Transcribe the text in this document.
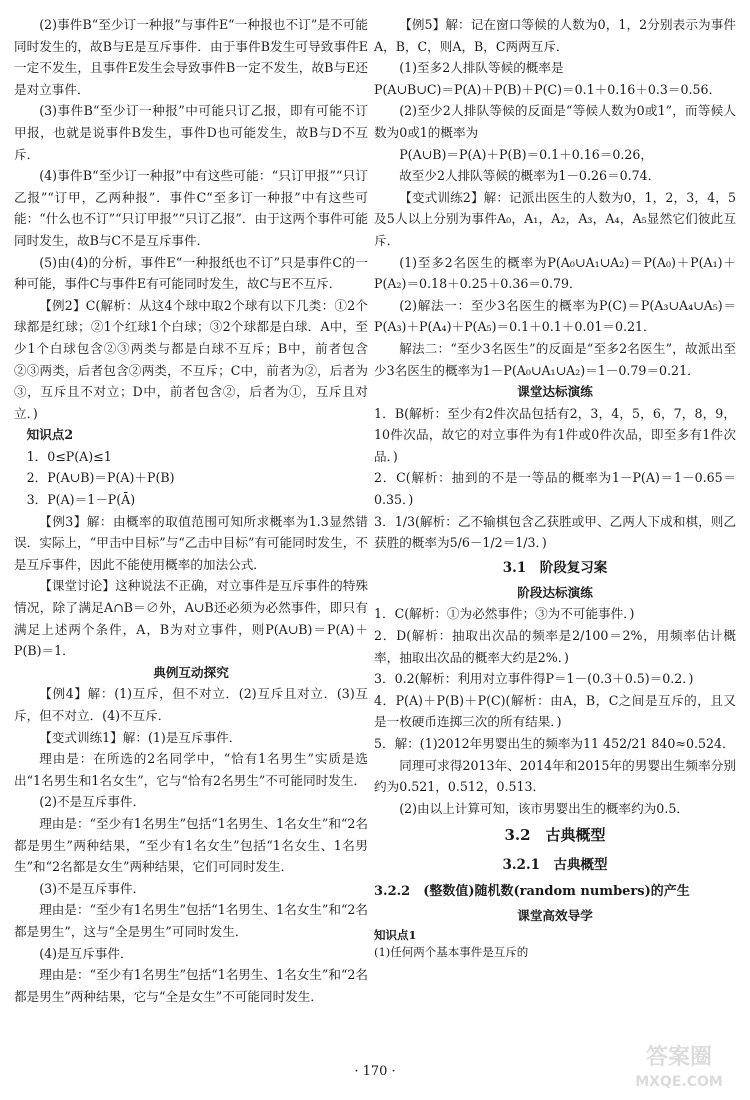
(2)事件B“至少订一种报”与事件E“一种报也不订”是不可能同时发生的，故B与E是互斥事件．由于事件B发生可导致事件E一定不发生，且事件E发生会导致事件B一定不发生，故B与E还是对立事件．

(3)事件B“至少订一种报”中可能只订乙报，即有可能不订甲报，也就是说事件B发生，事件D也可能发生，故B与D不互斥．

(4)事件B“至少订一种报”中有这些可能：“只订甲报”“只订乙报”“订甲，乙两种报”．事件C“至多订一种报”中有这些可能：“什么也不订”“只订甲报”“只订乙报”．由于这两个事件可能同时发生，故B与C不是互斥事件．

(5)由(4)的分析，事件E“一种报纸也不订”只是事件C的一种可能，事件C与事件E有可能同时发生，故C与E不互斥．

【例2】C(解析：从这4个球中取2个球有以下几类：①2个球都是红球；②1个红球1个白球；③2个球都是白球．A中，至少1个白球包含②③两类与都是白球不互斥；B中，前者包含②③两类，后者包含②两类，不互斥；C中，前者为②，后者为③，互斥且不对立；D中，前者包含②，后者为①，互斥且对立．)

知识点2

1．0≤P(A)≤1

2．P(A∪B)＝P(A)＋P(B)

3．P(A)＝1－P(Ā)

【例3】解：由概率的取值范围可知所求概率为1.3显然错误．实际上，“甲击中目标”与“乙击中目标”有可能同时发生，不是互斥事件，因此不能使用概率的加法公式．

【课堂讨论】这种说法不正确，对立事件是互斥事件的特殊情况，除了满足A∩B＝∅外，A∪B还必须为必然事件，即只有满足上述两个条件，A，B为对立事件，则P(A∪B)＝P(A)＋P(B)＝1．

典例互动探究

【例4】解：(1)互斥，但不对立．(2)互斥且对立．(3)互斥，但不对立．(4)不互斥．

【变式训练1】解：(1)是互斥事件．

理由是：在所选的2名同学中，“恰有1名男生”实质是选出“1名男生和1名女生”，它与“恰有2名男生”不可能同时发生．

(2)不是互斥事件．

理由是：“至少有1名男生”包括“1名男生、1名女生”和“2名都是男生”两种结果，“至少有1名女生”包括“1名女生、1名男生”和“2名都是女生”两种结果，它们可同时发生．

(3)不是互斥事件．

理由是：“至少有1名男生”包括“1名男生、1名女生”和“2名都是男生”，这与“全是男生”可同时发生．

(4)是互斥事件．

理由是：“至少有1名男生”包括“1名男生、1名女生”和“2名都是男生”两种结果，它与“全是女生”不可能同时发生．

【例5】解：记在窗口等候的人数为0，1，2分别表示为事件A，B，C，则A，B，C两两互斥．

(1)至多2人排队等候的概率是

P(A∪B∪C)＝P(A)＋P(B)＋P(C)＝0.1＋0.16＋0.3＝0.56．

(2)至少2人排队等候的反面是“等候人数为0或1”，而等候人数为0或1的概率为

P(A∪B)＝P(A)＋P(B)＝0.1＋0.16＝0.26，

故至少2人排队等候的概率为1－0.26＝0.74．

【变式训练2】解：记派出医生的人数为0，1，2，3，4，5及5人以上分别为事件A₀，A₁，A₂，A₃，A₄，A₅显然它们彼此互斥．

(1)至多2名医生的概率为P(A₀∪A₁∪A₂)＝P(A₀)＋P(A₁)＋P(A₂)＝0.18＋0.25＋0.36＝0.79．

(2)解法一：至少3名医生的概率为P(C)＝P(A₃∪A₄∪A₅)＝P(A₃)＋P(A₄)＋P(A₅)＝0.1＋0.1＋0.01＝0.21．

解法二：“至少3名医生”的反面是“至多2名医生”，故派出至少3名医生的概率为1－P(A₀∪A₁∪A₂)＝1－0.79＝0.21．

课堂达标演练

1．B(解析：至少有2件次品包括有2，3，4，5，6，7，8，9，10件次品，故它的对立事件为有1件或0件次品，即至多有1件次品．)

2．C(解析：抽到的不是一等品的概率为1－P(A)＝1－0.65＝0.35．)

3．1/3(解析：乙不输棋包含乙获胜或甲、乙两人下成和棋，则乙获胜的概率为5/6－1/2＝1/3．)

3.1　阶段复习案

阶段达标演练

1．C(解析：①为必然事件；③为不可能事件．)

2．D(解析：抽取出次品的频率是2/100＝2%，用频率估计概率，抽取出次品的概率大约是2%．)

3．0.2(解析：利用对立事件得P＝1－(0.3＋0.5)＝0.2．)

4．P(A)＋P(B)＋P(C)(解析：由A，B，C之间是互斥的，且又是一枚硬币连掷三次的所有结果．)

5．解：(1)2012年男婴出生的频率为11 452/21 840≈0.524．

同理可求得2013年、2014年和2015年的男婴出生频率分别约为0.521，0.512，0.513．

(2)由以上计算可知，该市男婴出生的概率约为0.5．

3.2　古典概型

3.2.1　古典概型

3.2.2　(整数值)随机数(random numbers)的产生

课堂高效导学

知识点1

(1)任何两个基本事件是互斥的

· 170 ·
答案圈
MXQE.COM
